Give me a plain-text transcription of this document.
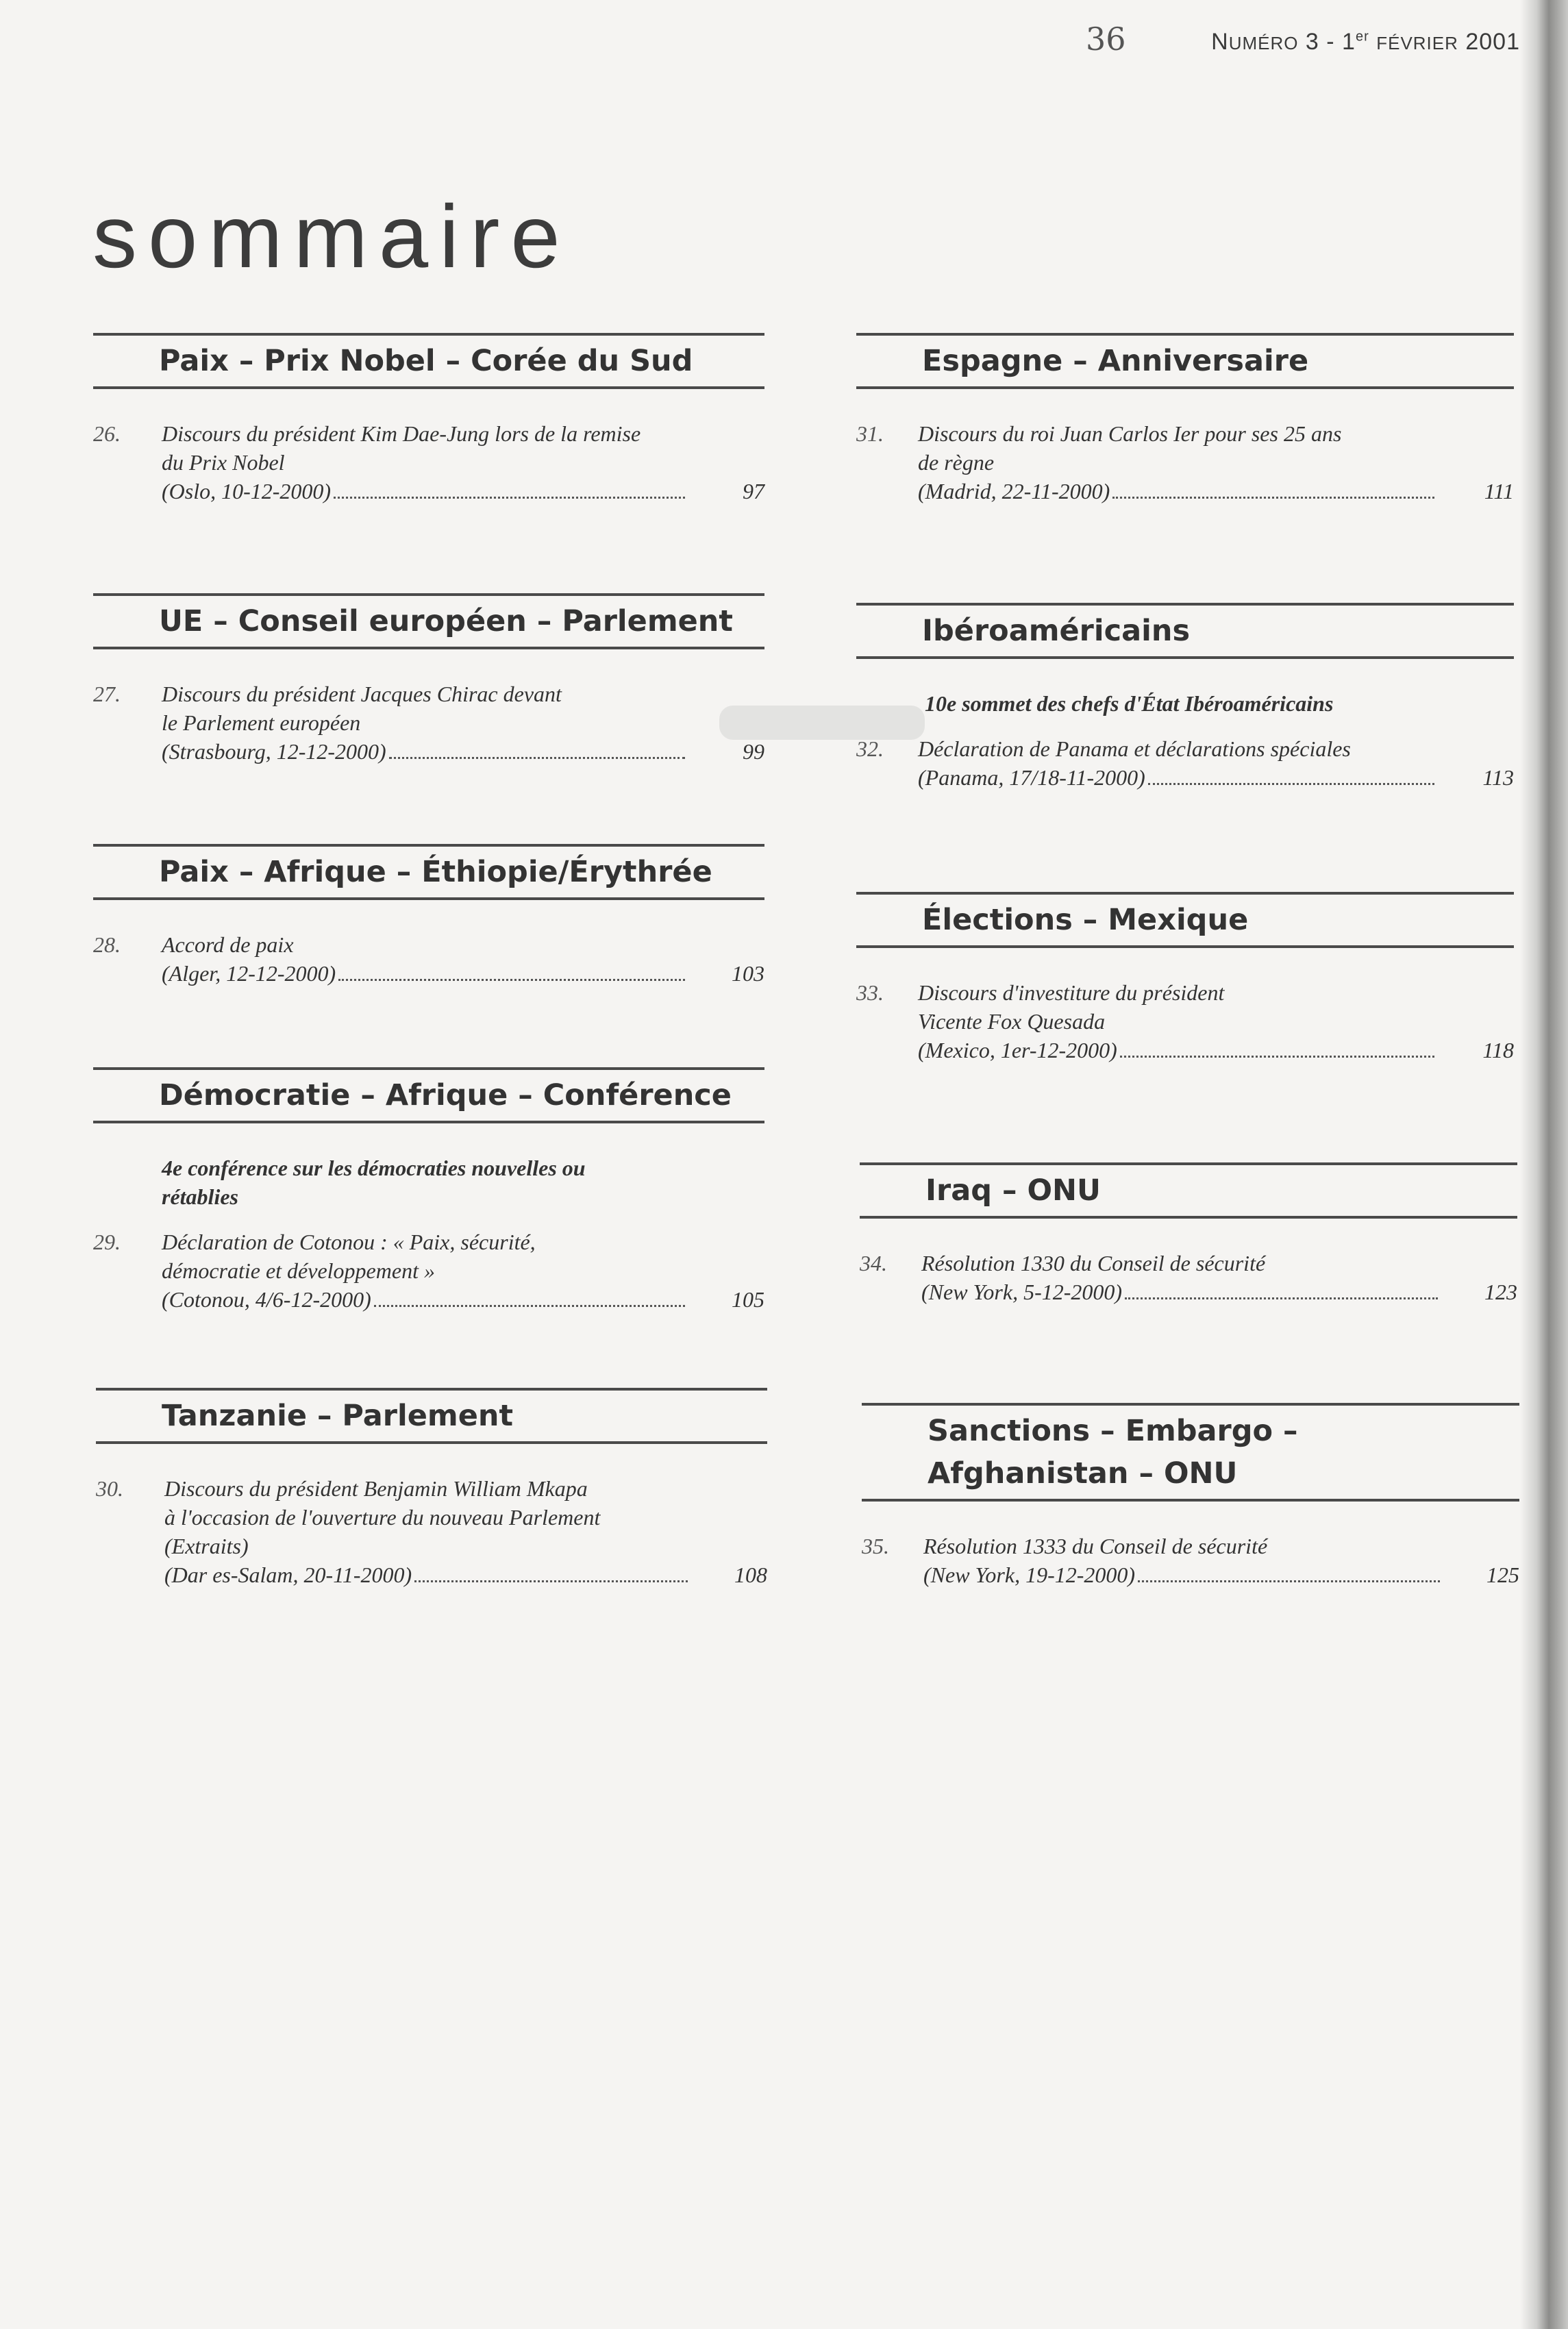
36	NUMÉRO 3 - 1er FÉVRIER 2001
sommaire
Paix – Prix Nobel – Corée du Sud
26.	Discours du président Kim Dae-Jung lors de la remise
du Prix Nobel
(Oslo, 10-12-2000)	97
UE – Conseil européen – Parlement
27.	Discours du président Jacques Chirac devant
le Parlement européen
(Strasbourg, 12-12-2000)	99
Paix – Afrique – Éthiopie/Érythrée
28.	Accord de paix
(Alger, 12-12-2000)	103
Démocratie – Afrique – Conférence
4e conférence sur les démocraties nouvelles ou rétablies
29.	Déclaration de Cotonou : « Paix, sécurité,
démocratie et développement »
(Cotonou, 4/6-12-2000)	105
Tanzanie – Parlement
30.	Discours du président Benjamin William Mkapa
à l'occasion de l'ouverture du nouveau Parlement
(Extraits)
(Dar es-Salam, 20-11-2000)	108
Espagne – Anniversaire
31.	Discours du roi Juan Carlos Ier pour ses 25 ans
de règne
(Madrid, 22-11-2000)	111
Ibéroaméricains
10e sommet des chefs d'État Ibéroaméricains
32.	Déclaration de Panama et déclarations spéciales
(Panama, 17/18-11-2000)	113
Élections – Mexique
33.	Discours d'investiture du président
Vicente Fox Quesada
(Mexico, 1er-12-2000)	118
Iraq – ONU
34.	Résolution 1330 du Conseil de sécurité
(New York, 5-12-2000)	123
Sanctions – Embargo – Afghanistan – ONU
35.	Résolution 1333 du Conseil de sécurité
(New York, 19-12-2000)	125
